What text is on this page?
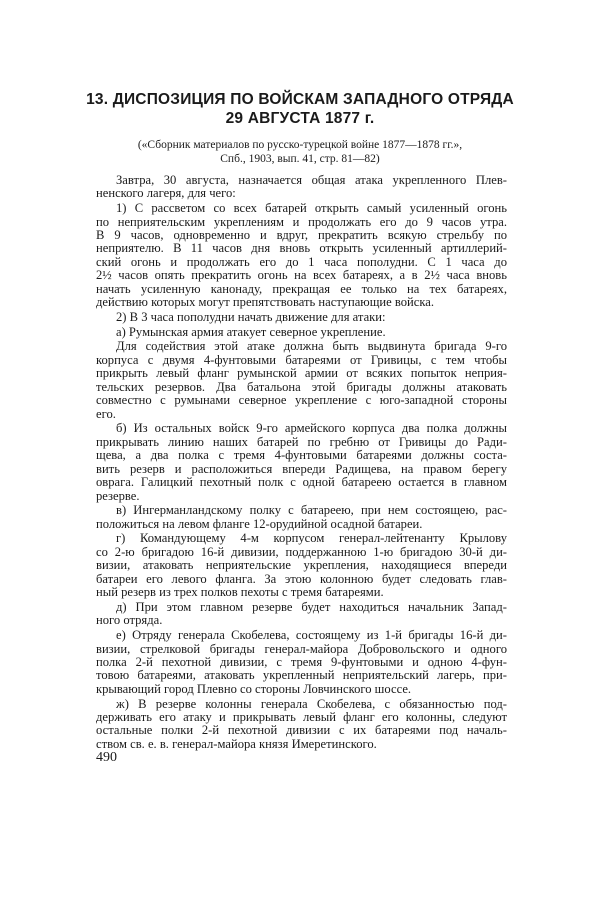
13. ДИСПОЗИЦИЯ ПО ВОЙСКАМ ЗАПАДНОГО ОТРЯДА
29 АВГУСТА 1877 г.
(«Сборник материалов по русско-турецкой войне 1877—1878 гг.»,
Спб., 1903, вып. 41, стр. 81—82)
Завтра, 30 августа, назначается общая атака укрепленного Плев-
ненского лагеря, для чего:
1) С рассветом со всех батарей открыть самый усиленный огонь
по неприятельским укреплениям и продолжать его до 9 часов утра.
В 9 часов, одновременно и вдруг, прекратить всякую стрельбу по
неприятелю. В 11 часов дня вновь открыть усиленный артиллерий-
ский огонь и продолжать его до 1 часа пополудни. С 1 часа до
2½ часов опять прекратить огонь на всех батареях, а в 2½ часа вновь
начать усиленную канонаду, прекращая ее только на тех батареях,
действию которых могут препятствовать наступающие войска.
2) В 3 часа пополудни начать движение для атаки:
а) Румынская армия атакует северное укрепление.
Для содействия этой атаке должна быть выдвинута бригада 9-го
корпуса с двумя 4-фунтовыми батареями от Гривицы, с тем чтобы
прикрыть левый фланг румынской армии от всяких попыток неприя-
тельских резервов. Два батальона этой бригады должны атаковать
совместно с румынами северное укрепление с юго-западной стороны
его.
б) Из остальных войск 9-го армейского корпуса два полка должны
прикрывать линию наших батарей по гребню от Гривицы до Ради-
щева, а два полка с тремя 4-фунтовыми батареями должны соста-
вить резерв и расположиться впереди Радищева, на правом берегу
оврага. Галицкий пехотный полк с одной батареею остается в главном
резерве.
в) Ингерманландскому полку с батареею, при нем состоящею, рас-
положиться на левом фланге 12-орудийной осадной батареи.
г) Командующему 4-м корпусом генерал-лейтенанту Крылову
со 2-ю бригадою 16-й дивизии, поддержанною 1-ю бригадою 30-й ди-
визии, атаковать неприятельские укрепления, находящиеся впереди
батареи его левого фланга. За этою колонною будет следовать глав-
ный резерв из трех полков пехоты с тремя батареями.
д) При этом главном резерве будет находиться начальник Запад-
ного отряда.
е) Отряду генерала Скобелева, состоящему из 1-й бригады 16-й ди-
визии, стрелковой бригады генерал-майора Добровольского и одного
полка 2-й пехотной дивизии, с тремя 9-фунтовыми и одною 4-фун-
товою батареями, атаковать укрепленный неприятельский лагерь, при-
крывающий город Плевно со стороны Ловчинского шоссе.
ж) В резерве колонны генерала Скобелева, с обязанностью под-
держивать его атаку и прикрывать левый фланг его колонны, следуют
остальные полки 2-й пехотной дивизии с их батареями под началь-
ством св. е. в. генерал-майора князя Имеретинского.
490
